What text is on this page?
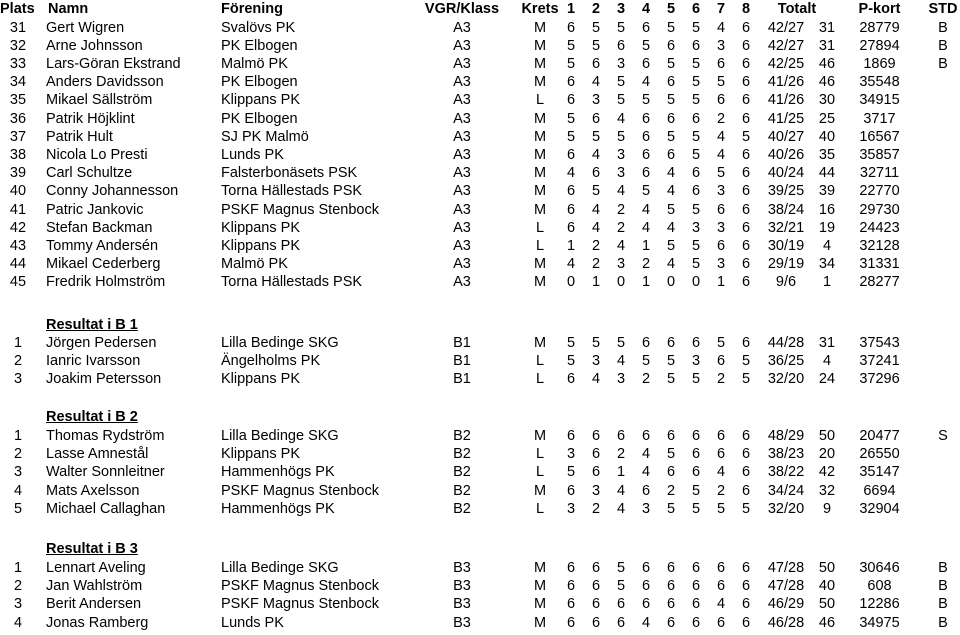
Plats Namn	Förening	VGR/Klass	Krets 1 2 3 4 5 6 7 8	Totalt	P-kort	STD
31	Gert Wigren	Svalövs PK	A3	M	6 5 5 6 5 5 4 6	42/27	31	28779	B
32	Arne Johnsson	PK Elbogen	A3	M	5 5 6 5 6 6 3 6	42/27	31	27894	B
33	Lars-Göran Ekstrand	Malmö PK	A3	M	5 6 3 6 5 5 6 6	42/25	46	1869	B
34	Anders Davidsson	PK Elbogen	A3	M	6 4 5 4 6 5 5 6	41/26	46	35548
35	Mikael Sällström	Klippans PK	A3	L	6 3 5 5 5 5 6 6	41/26	30	34915
36	Patrik Höjklint	PK Elbogen	A3	M	5 6 4 6 6 6 2 6	41/25	25	3717
37	Patrik Hult	SJ PK Malmö	A3	M	5 5 5 6 5 5 4 5	40/27	40	16567
38	Nicola Lo Presti	Lunds PK	A3	M	6 4 3 6 6 5 4 6	40/26	35	35857
39	Carl Schultze	Falsterbonäsets PSK	A3	M	4 6 3 6 4 6 5 6	40/24	44	32711
40	Conny Johannesson	Torna Hällestads PSK	A3	M	6 5 4 5 4 6 3 6	39/25	39	22770
41	Patric Jankovic	PSKF Magnus Stenbock	A3	M	6 4 2 4 5 5 6 6	38/24	16	29730
42	Stefan Backman	Klippans PK	A3	L	6 4 2 4 4 3 3 6	32/21	19	24423
43	Tommy Andersén	Klippans PK	A3	L	1 2 4 1 5 5 6 6	30/19	4	32128
44	Mikael Cederberg	Malmö PK	A3	M	4 2 3 2 4 5 3 6	29/19	34	31331
45	Fredrik Holmström	Torna Hällestads PSK	A3	M	0 1 0 1 0 0 1 6	9/6	1	28277
Resultat i B 1
1	Jörgen Pedersen	Lilla Bedinge SKG	B1	M	5 5 5 6 6 6 5 6	44/28	31	37543
2	Ianric Ivarsson	Ängelholms PK	B1	L	5 3 4 5 5 3 6 5	36/25	4	37241
3	Joakim Petersson	Klippans PK	B1	L	6 4 3 2 5 5 2 5	32/20	24	37296
Resultat i B 2
1	Thomas Rydström	Lilla Bedinge SKG	B2	M	6 6 6 6 6 6 6 6	48/29	50	20477	S
2	Lasse Amnestål	Klippans PK	B2	L	3 6 2 4 5 6 6 6	38/23	20	26550
3	Walter Sonnleitner	Hammenhögs PK	B2	L	5 6 1 4 6 6 4 6	38/22	42	35147
4	Mats Axelsson	PSKF Magnus Stenbock	B2	M	6 3 4 6 2 5 2 6	34/24	32	6694
5	Michael Callaghan	Hammenhögs PK	B2	L	3 2 4 3 5 5 5 5	32/20	9	32904
Resultat i B 3
1	Lennart Aveling	Lilla Bedinge SKG	B3	M	6 6 5 6 6 6 6 6	47/28	50	30646	B
2	Jan Wahlström	PSKF Magnus Stenbock	B3	M	6 6 5 6 6 6 6 6	47/28	40	608	B
3	Berit Andersen	PSKF Magnus Stenbock	B3	M	6 6 6 6 6 6 4 6	46/29	50	12286	B
4	Jonas Ramberg	Lunds PK	B3	M	6 6 6 4 6 6 6 6	46/28	46	34975	B
